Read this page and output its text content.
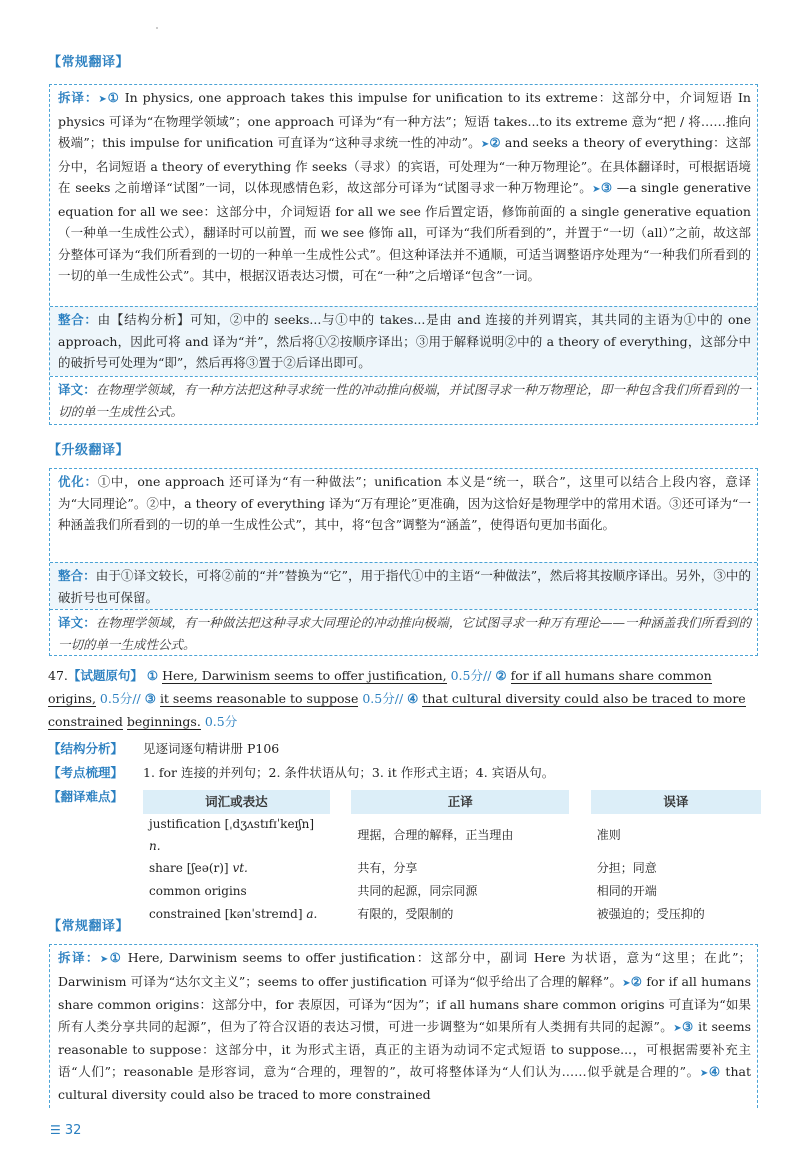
【常规翻译】
拆译：➤① In physics, one approach takes this impulse for unification to its extreme：这部分中，介词短语 In physics 可译为“在物理学领域”；one approach 可译为“有一种方法”；短语 takes...to its extreme 意为“把 / 将……推向极端”；this impulse for unification 可直译为“这种寻求统一性的冲动”。➤② and seeks a theory of everything：这部分中，名词短语 a theory of everything 作 seeks（寻求）的宾语，可处理为“一种万物理论”。在具体翻译时，可根据语境在 seeks 之前增译“试图”一词，以体现感情色彩，故这部分可译为“试图寻求一种万物理论”。➤③ —a single generative equation for all we see：这部分中，介词短语 for all we see 作后置定语，修饰前面的 a single generative equation（一种单一生成性公式），翻译时可以前置，而 we see 修饰 all，可译为“我们所看到的”，并置于“一切（all）”之前，故这部分整体可译为“我们所看到的一切的一种单一生成性公式”。但这种译法并不通顺，可适当调整语序处理为“一种我们所看到的一切的单一生成性公式”。其中，根据汉语表达习惯，可在“一种”之后增译“包含”一词。
整合：由【结构分析】可知，②中的 seeks...与①中的 takes...是由 and 连接的并列谓宾，其共同的主语为①中的 one approach，因此可将 and 译为“并”，然后将①②按顺序译出；③用于解释说明②中的 a theory of everything，这部分中的破折号可处理为“即”，然后再将③置于②后译出即可。
译文：在物理学领域，有一种方法把这种寻求统一性的冲动推向极端，并试图寻求一种万物理论，即一种包含我们所看到的一切的单一生成性公式。
【升级翻译】
优化：①中，one approach 还可译为“有一种做法”；unification 本义是“统一，联合”，这里可以结合上段内容，意译为“大同理论”。②中，a theory of everything 译为“万有理论”更准确，因为这恰好是物理学中的常用术语。③还可译为“一种涵盖我们所看到的一切的单一生成性公式”，其中，将“包含”调整为“涵盖”，使得语句更加书面化。
整合：由于①译文较长，可将②前的“并”替换为“它”，用于指代①中的主语“一种做法”，然后将其按顺序译出。另外，③中的破折号也可保留。
译文：在物理学领域，有一种做法把这种寻求大同理论的冲动推向极端，它试图寻求一种万有理论——一种涵盖我们所看到的一切的单一生成性公式。
47.【试题原句】 ① Here, Darwinism seems to offer justification, 0.5分// ② for if all humans share common origins, 0.5分// ③ it seems reasonable to suppose 0.5分// ④ that cultural diversity could also be traced to more constrained beginnings. 0.5分
【结构分析】 见逐词逐句精讲册 P106
【考点梳理】 1. for 连接的并列句；2. 条件状语从句；3. it 作形式主语；4. 宾语从句。
【翻译难点】	词汇或表达		正译		误译
justification [ˌdʒʌstɪfɪˈkeɪʃn] n.		理据，合理的解释，正当理由		准则
share [ʃeə(r)] vt.		共有，分享		分担；同意
common origins		共同的起源，同宗同源		相同的开端
constrained [kənˈstreɪnd] a.		有限的，受限制的		被强迫的；受压抑的
【常规翻译】
拆译：➤① Here, Darwinism seems to offer justification：这部分中，副词 Here 为状语，意为“这里；在此”；Darwinism 可译为“达尔文主义”；seems to offer justification 可译为“似乎给出了合理的解释”。➤② for if all humans share common origins：这部分中，for 表原因，可译为“因为”；if all humans share common origins 可直译为“如果所有人类分享共同的起源”，但为了符合汉语的表达习惯，可进一步调整为“如果所有人类拥有共同的起源”。➤③ it seems reasonable to suppose：这部分中，it 为形式主语，真正的主语为动词不定式短语 to suppose...，可根据需要补充主语“人们”；reasonable 是形容词，意为“合理的，理智的”，故可将整体译为“人们认为……似乎就是合理的”。➤④ that cultural diversity could also be traced to more constrained
☰ 32
